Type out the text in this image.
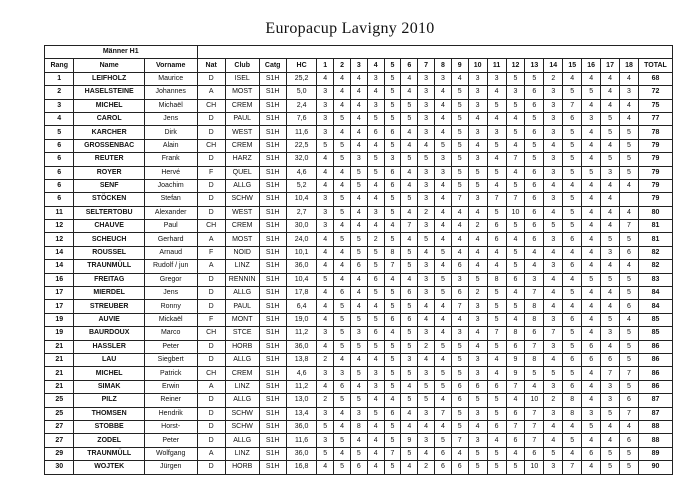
Europacup Lavigny 2010
Männer H1																									
Rang	Name	Vorname	Nat	Club	Catg	HC	1	2	3	4	5	6	7	8	9	10	11	12	13	14	15	16	17	18	TOTAL
1	LEIFHOLZ	Maurice	D	ISEL	S1H	25,2	4	4	4	3	5	4	3	3	4	3	3	5	5	2	4	4	4	4	68
2	HASELSTEINE	Johannes	A	MOST	S1H	5,0	3	4	4	4	5	4	3	4	5	3	4	3	6	3	5	5	4	3	72
3	MICHEL	Michaël	CH	CREM	S1H	2,4	3	4	4	3	5	5	3	4	5	3	5	5	6	3	7	4	4	4	75
4	CAROL	Jens	D	PAUL	S1H	7,6	3	5	4	5	5	5	3	4	5	4	4	4	5	3	6	3	5	4	77
5	KARCHER	Dirk	D	WEST	S1H	11,6	3	4	4	6	6	4	3	4	5	3	3	5	6	3	5	4	5	5	78
6	GROSSENBAC	Alain	CH	CREM	S1H	22,5	5	5	4	4	5	4	4	5	5	4	5	4	5	4	5	4	4	5	79
6	REUTER	Frank	D	HARZ	S1H	32,0	4	5	3	5	3	5	5	3	5	3	4	7	5	3	5	4	5	5	79
6	ROYER	Hervé	F	QUEL	S1H	4,6	4	4	5	5	6	4	3	3	5	5	5	4	6	3	5	5	3	5	79
6	SENF	Joachim	D	ALLG	S1H	5,2	4	4	5	4	6	4	3	4	5	5	4	5	6	4	4	4	4	4	79
6	STÖCKEN	Stefan	D	SCHW	S1H	10,4	3	5	4	4	5	5	3	4	7	3	7	7	6	3	5	4	4		79
11	SELTERTOBU	Alexander	D	WEST	S1H	2,7	3	5	4	3	5	4	2	4	4	4	5	10	6	4	5	4	4	4	80
12	CHAUVE	Paul	CH	CREM	S1H	30,0	3	4	4	4	4	7	3	4	4	2	6	5	6	5	5	4	4	7	81
12	SCHEUCH	Gerhard	A	MOST	S1H	24,0	4	5	5	2	5	4	5	4	4	4	6	4	6	3	6	4	5	5	81
14	ROUSSEL	Arnaud	F	NOID	S1H	10,1	4	4	5	5	8	5	4	5	4	4	4	5	4	4	4	4	3	6	82
14	TRAUNMÜLL	Rudolf / jun	A	LINZ	S1H	36,0	4	4	6	5	7	5	3	4	6	4	4	5	4	3	6	4	4	4	82
16	FREITAG	Gregor	D	RENNIN	S1H	10,4	5	4	4	6	4	4	3	5	3	5	8	6	3	4	4	5	5	5	83
17	MIERDEL	Jens	D	ALLG	S1H	17,8	4	6	4	5	5	6	3	5	6	2	5	4	7	4	5	4	4	5	84
17	STREUBER	Ronny	D	PAUL	S1H	6,4	4	5	4	4	5	5	4	4	7	3	5	5	8	4	4	4	4	6	84
19	AUVIE	Mickaël	F	MONT	S1H	19,0	4	5	5	5	6	6	4	4	4	3	5	4	8	3	6	4	5	4	85
19	BAURDOUX	Marco	CH	STCE	S1H	11,2	3	5	3	6	4	5	3	4	3	4	7	8	6	7	5	4	3	5	85
21	HASSLER	Peter	D	HORB	S1H	36,0	4	5	5	5	5	5	2	5	5	4	5	6	7	3	5	6	4	5	86
21	LAU	Siegbert	D	ALLG	S1H	13,8	2	4	4	4	5	3	4	4	5	3	4	9	8	4	6	6	6	5	86
21	MICHEL	Patrick	CH	CREM	S1H	4,6	3	3	5	3	5	5	3	5	5	3	4	9	5	5	5	4	7	7	86
21	SIMAK	Erwin	A	LINZ	S1H	11,2	4	6	4	3	5	4	5	5	6	6	6	7	4	3	6	4	3	5	86
25	PILZ	Reiner	D	ALLG	S1H	13,0	2	5	5	4	4	5	5	4	6	5	5	4	10	2	8	4	3	6	87
25	THOMSEN	Hendrik	D	SCHW	S1H	13,4	3	4	3	5	6	4	3	7	5	3	5	6	7	3	8	3	5	7	87
27	STOBBE	Horst-	D	SCHW	S1H	36,0	5	4	8	4	5	4	4	4	5	4	6	7	7	4	4	5	4	4	88
27	ZODEL	Peter	D	ALLG	S1H	11,6	3	5	4	4	5	9	3	5	7	3	4	6	7	4	5	4	4	6	88
29	TRAUNMÜLL	Wolfgang	A	LINZ	S1H	36,0	5	4	5	4	7	5	4	6	4	5	5	4	6	5	4	6	5	5	89
30	WOJTEK	Jürgen	D	HORB	S1H	16,8	4	5	6	4	5	4	2	6	6	5	5	5	10	3	7	4	5	5	90
